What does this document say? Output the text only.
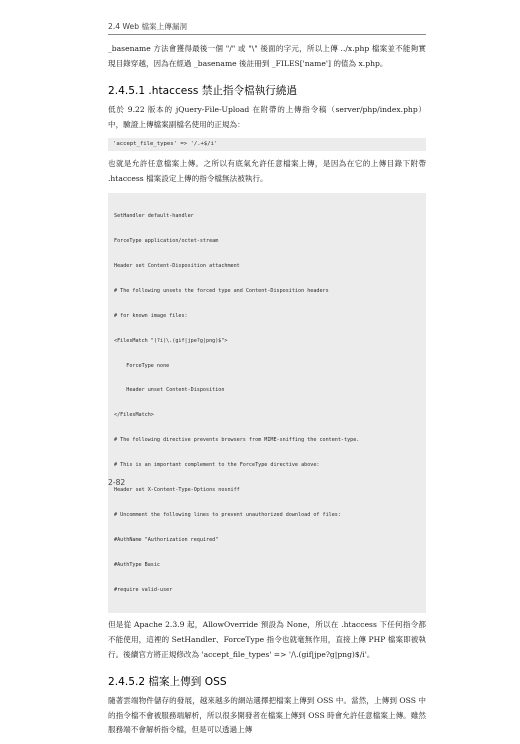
2.4 Web 檔案上傳漏洞

_basename 方法會獲得最後一個 "/" 或 "\" 後面的字元，所以上傳 ../x.php 檔案並不能夠實現目錄穿越，因為在經過 _basename 後註冊到 _FILES['name'] 的值為 x.php。

2.4.5.1 .htaccess 禁止指令檔執行繞過

低於 9.22 版本的 jQuery-File-Upload 在附帶的上傳指令稿（server/php/index.php）中，驗證上傳檔案副檔名使用的正規為：

'accept_file_types' => '/.+$/i'

也就是允許任意檔案上傳。之所以有底氣允許任意檔案上傳，是因為在它的上傳目錄下附帶 .htaccess 檔案設定上傳的指令檔無法被執行。

SetHandler default-handler

ForceType application/octet-stream

Header set Content-Disposition attachment

# The following unsets the forced type and Content-Disposition headers

# for known image files:

<FilesMatch "(?i)\.(gif|jpe?g|png)$">

ForceType none

Header unset Content-Disposition

</FilesMatch>

# The following directive prevents browsers from MIME-sniffing the content-type.

# This is an important complement to the ForceType directive above:

Header set X-Content-Type-Options nosniff

# Uncomment the following lines to prevent unauthorized download of files:

#AuthName "Authorization required"

#AuthType Basic

#require valid-user

但是從 Apache 2.3.9 起，AllowOverride 預設為 None，所以在 .htaccess 下任何指令都不能使用，這裡的 SetHandler、ForceType 指令也就毫無作用，直接上傳 PHP 檔案即被執行。後續官方將正規修改為 'accept_file_types' => '/\.(gif|jpe?g|png)$/i'。

2.4.5.2 檔案上傳到 OSS

隨著雲端物件儲存的發展，越來越多的網站選擇把檔案上傳到 OSS 中。當然，上傳到 OSS 中的指令檔不會被服務端解析，所以很多開發者在檔案上傳到 OSS 時會允許任意檔案上傳。雖然服務端不會解析指令檔，但是可以透過上傳

2-82
